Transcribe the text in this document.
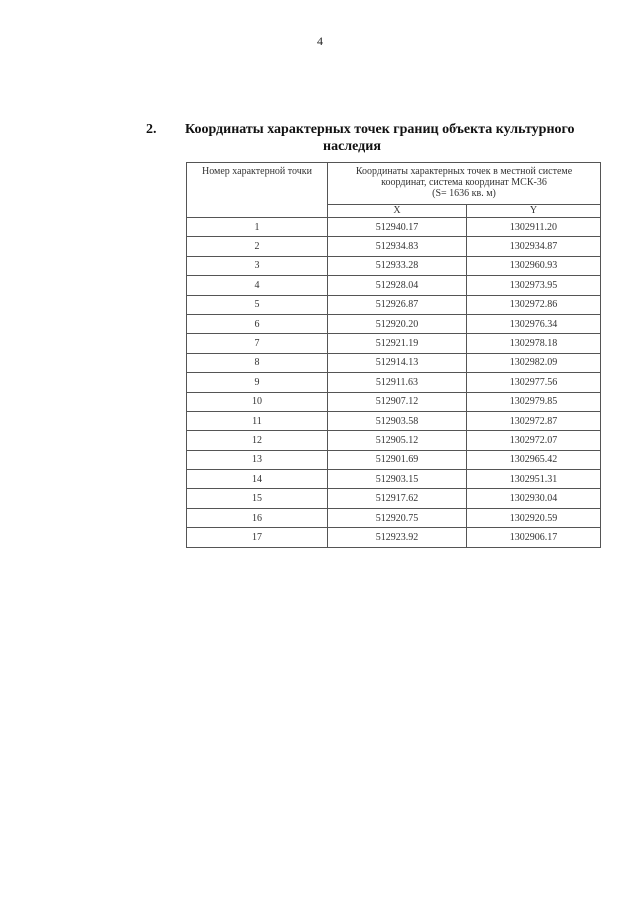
4
2. Координаты характерных точек границ объекта культурного
наследия
Номер характерной точки	Координаты характерных точек в местной системе
координат, система координат МСК-36
(S= 1636 кв. м)	
	X	Y
1	512940.17	1302911.20
2	512934.83	1302934.87
3	512933.28	1302960.93
4	512928.04	1302973.95
5	512926.87	1302972.86
6	512920.20	1302976.34
7	512921.19	1302978.18
8	512914.13	1302982.09
9	512911.63	1302977.56
10	512907.12	1302979.85
11	512903.58	1302972.87
12	512905.12	1302972.07
13	512901.69	1302965.42
14	512903.15	1302951.31
15	512917.62	1302930.04
16	512920.75	1302920.59
17	512923.92	1302906.17
